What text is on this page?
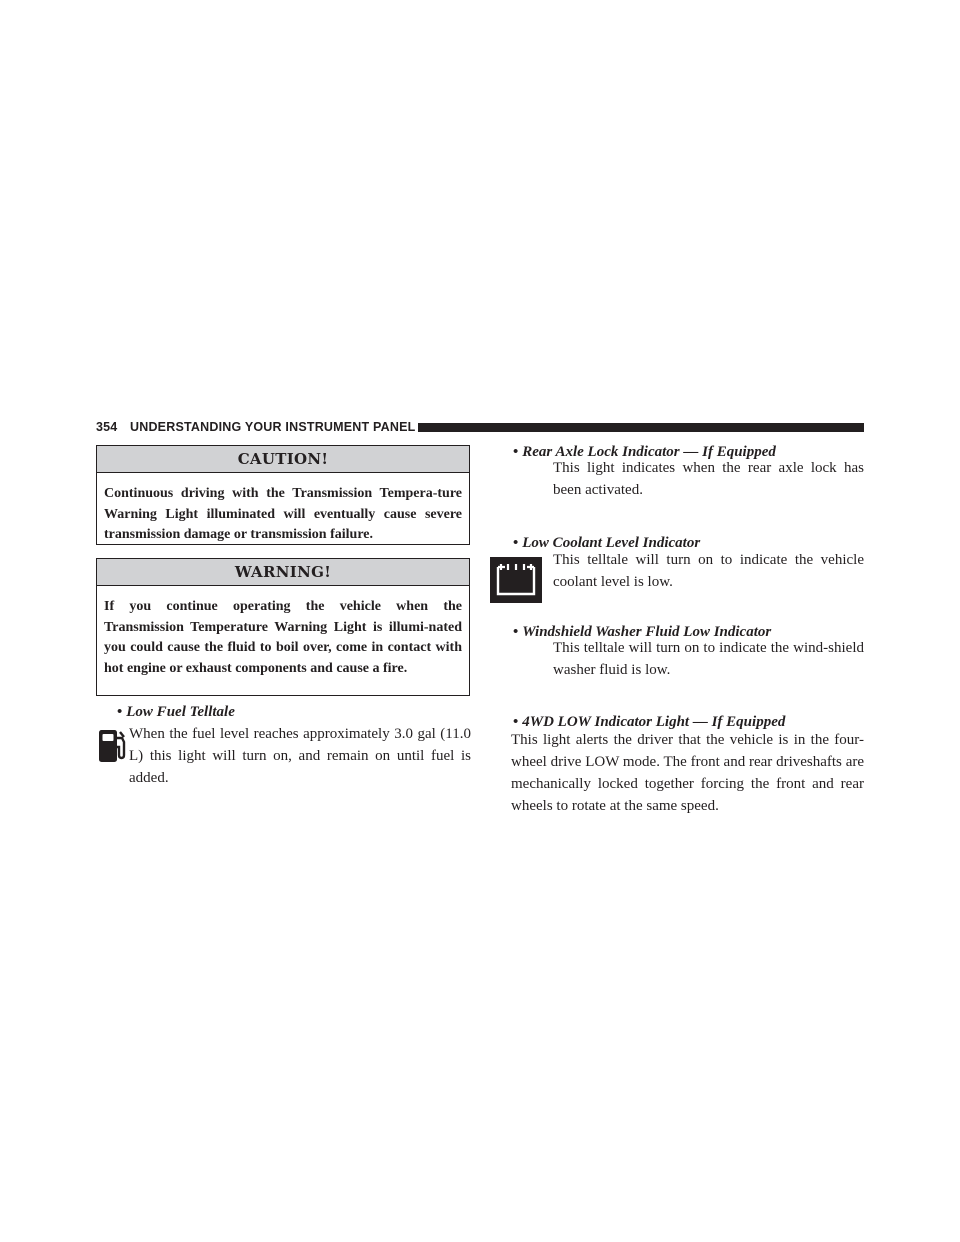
354 UNDERSTANDING YOUR INSTRUMENT PANEL
CAUTION!
Continuous driving with the Transmission Tempera-ture Warning Light illuminated will eventually cause severe transmission damage or transmission failure.
WARNING!
If you continue operating the vehicle when the Transmission Temperature Warning Light is illumi-nated you could cause the fluid to boil over, come in contact with hot engine or exhaust components and cause a fire.
• Low Fuel Telltale
When the fuel level reaches approximately 3.0 gal (11.0 L) this light will turn on, and remain on until fuel is added.
• Rear Axle Lock Indicator — If Equipped
This light indicates when the rear axle lock has been activated.
• Low Coolant Level Indicator
This telltale will turn on to indicate the vehicle coolant level is low.
• Windshield Washer Fluid Low Indicator
This telltale will turn on to indicate the wind-shield washer fluid is low.
• 4WD LOW Indicator Light — If Equipped
This light alerts the driver that the vehicle is in the four-wheel drive LOW mode. The front and rear driveshafts are mechanically locked together forcing the front and rear wheels to rotate at the same speed.
